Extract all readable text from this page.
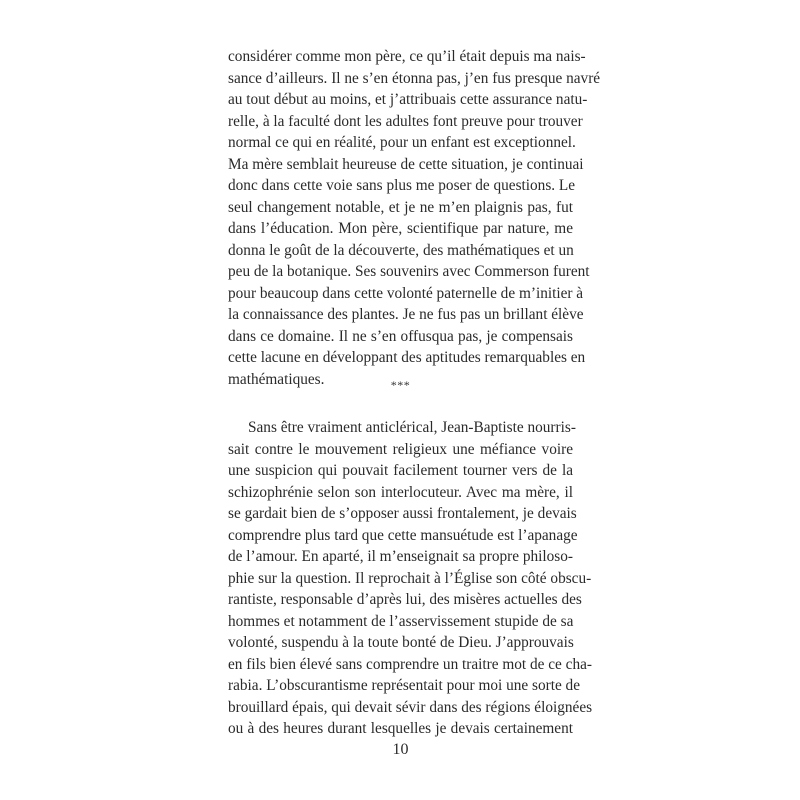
considérer comme mon père, ce qu’il était depuis ma nais-
sance d’ailleurs. Il ne s’en étonna pas, j’en fus presque navré
au tout début au moins, et j’attribuais cette assurance natu-
relle, à la faculté dont les adultes font preuve pour trouver
normal ce qui en réalité, pour un enfant est exceptionnel.
Ma mère semblait heureuse de cette situation, je continuai
donc dans cette voie sans plus me poser de questions. Le
seul changement notable, et je ne m’en plaignis pas, fut
dans l’éducation. Mon père, scientifique par nature, me
donna le goût de la découverte, des mathématiques et un
peu de la botanique. Ses souvenirs avec Commerson furent
pour beaucoup dans cette volonté paternelle de m’initier à
la connaissance des plantes. Je ne fus pas un brillant élève
dans ce domaine. Il ne s’en offusqua pas, je compensais
cette lacune en développant des aptitudes remarquables en
mathématiques.	***
Sans être vraiment anticlérical, Jean-Baptiste nourris-
sait contre le mouvement religieux une méfiance voire
une suspicion qui pouvait facilement tourner vers de la
schizophrénie selon son interlocuteur. Avec ma mère, il
se gardait bien de s’opposer aussi frontalement, je devais
comprendre plus tard que cette mansuétude est l’apanage
de l’amour. En aparté, il m’enseignait sa propre philoso-
phie sur la question. Il reprochait à l’Église son côté obscu-
rantiste, responsable d’après lui, des misères actuelles des
hommes et notamment de l’asservissement stupide de sa
volonté, suspendu à la toute bonté de Dieu. J’approuvais
en fils bien élevé sans comprendre un traitre mot de ce cha-
rabia. L’obscurantisme représentait pour moi une sorte de
brouillard épais, qui devait sévir dans des régions éloignées
ou à des heures durant lesquelles je devais certainement
10
